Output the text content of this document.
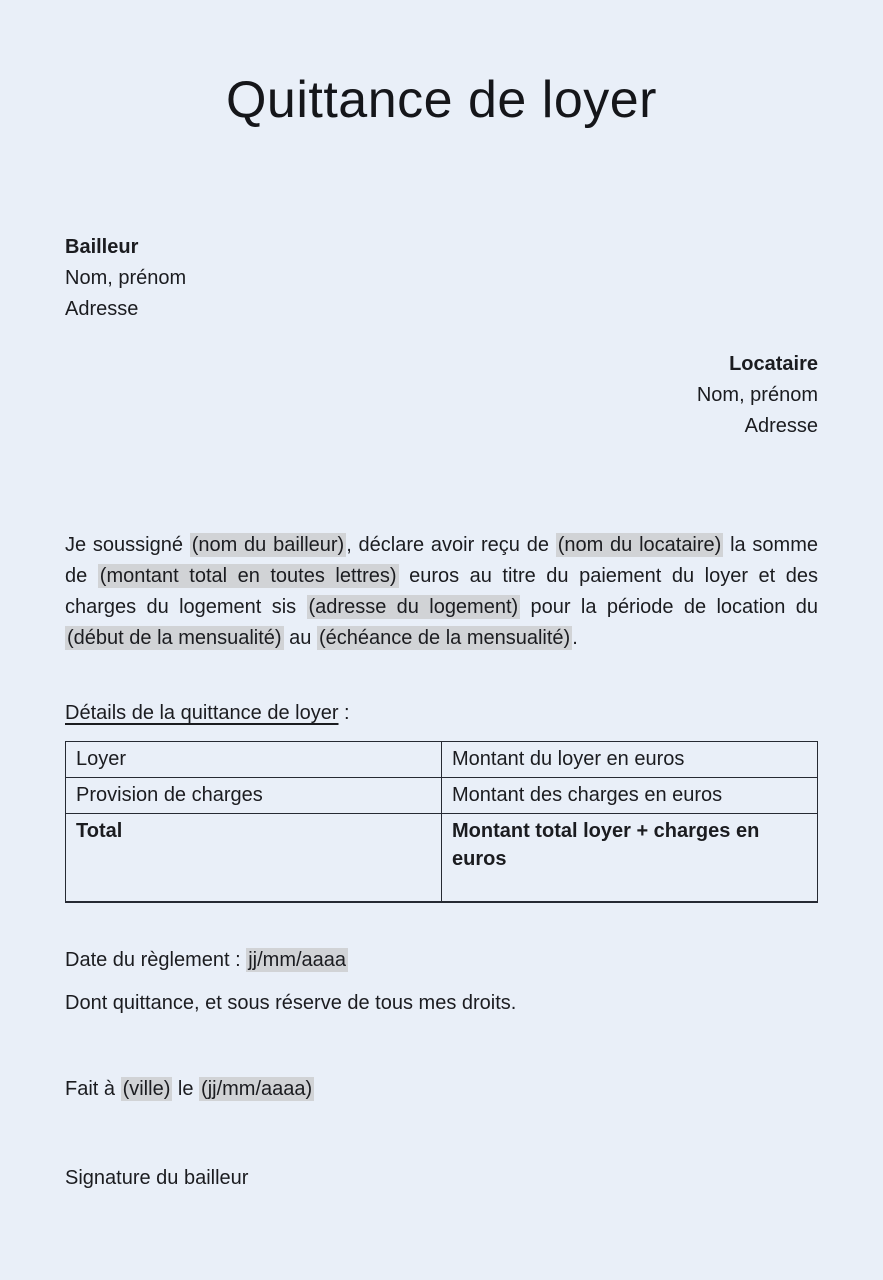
Quittance de loyer
Bailleur
Nom, prénom
Adresse
Locataire
Nom, prénom
Adresse

Je soussigné (nom du bailleur) , déclare avoir reçu de (nom du locataire) la somme de (montant total en toutes lettres) euros au titre du paiement du loyer et des charges du logement sis (adresse du logement) pour la période de location du (début de la mensualité) au (échéance de la mensualité) .

Détails de la quittance de loyer :
Loyer	Montant du loyer en euros
Provision de charges	Montant des charges en euros
Total	Montant total loyer + charges en euros
Date du règlement : jj/mm/aaaa
Dont quittance, et sous réserve de tous mes droits.
Fait à (ville) le (jj/mm/aaaa)
Signature du bailleur
